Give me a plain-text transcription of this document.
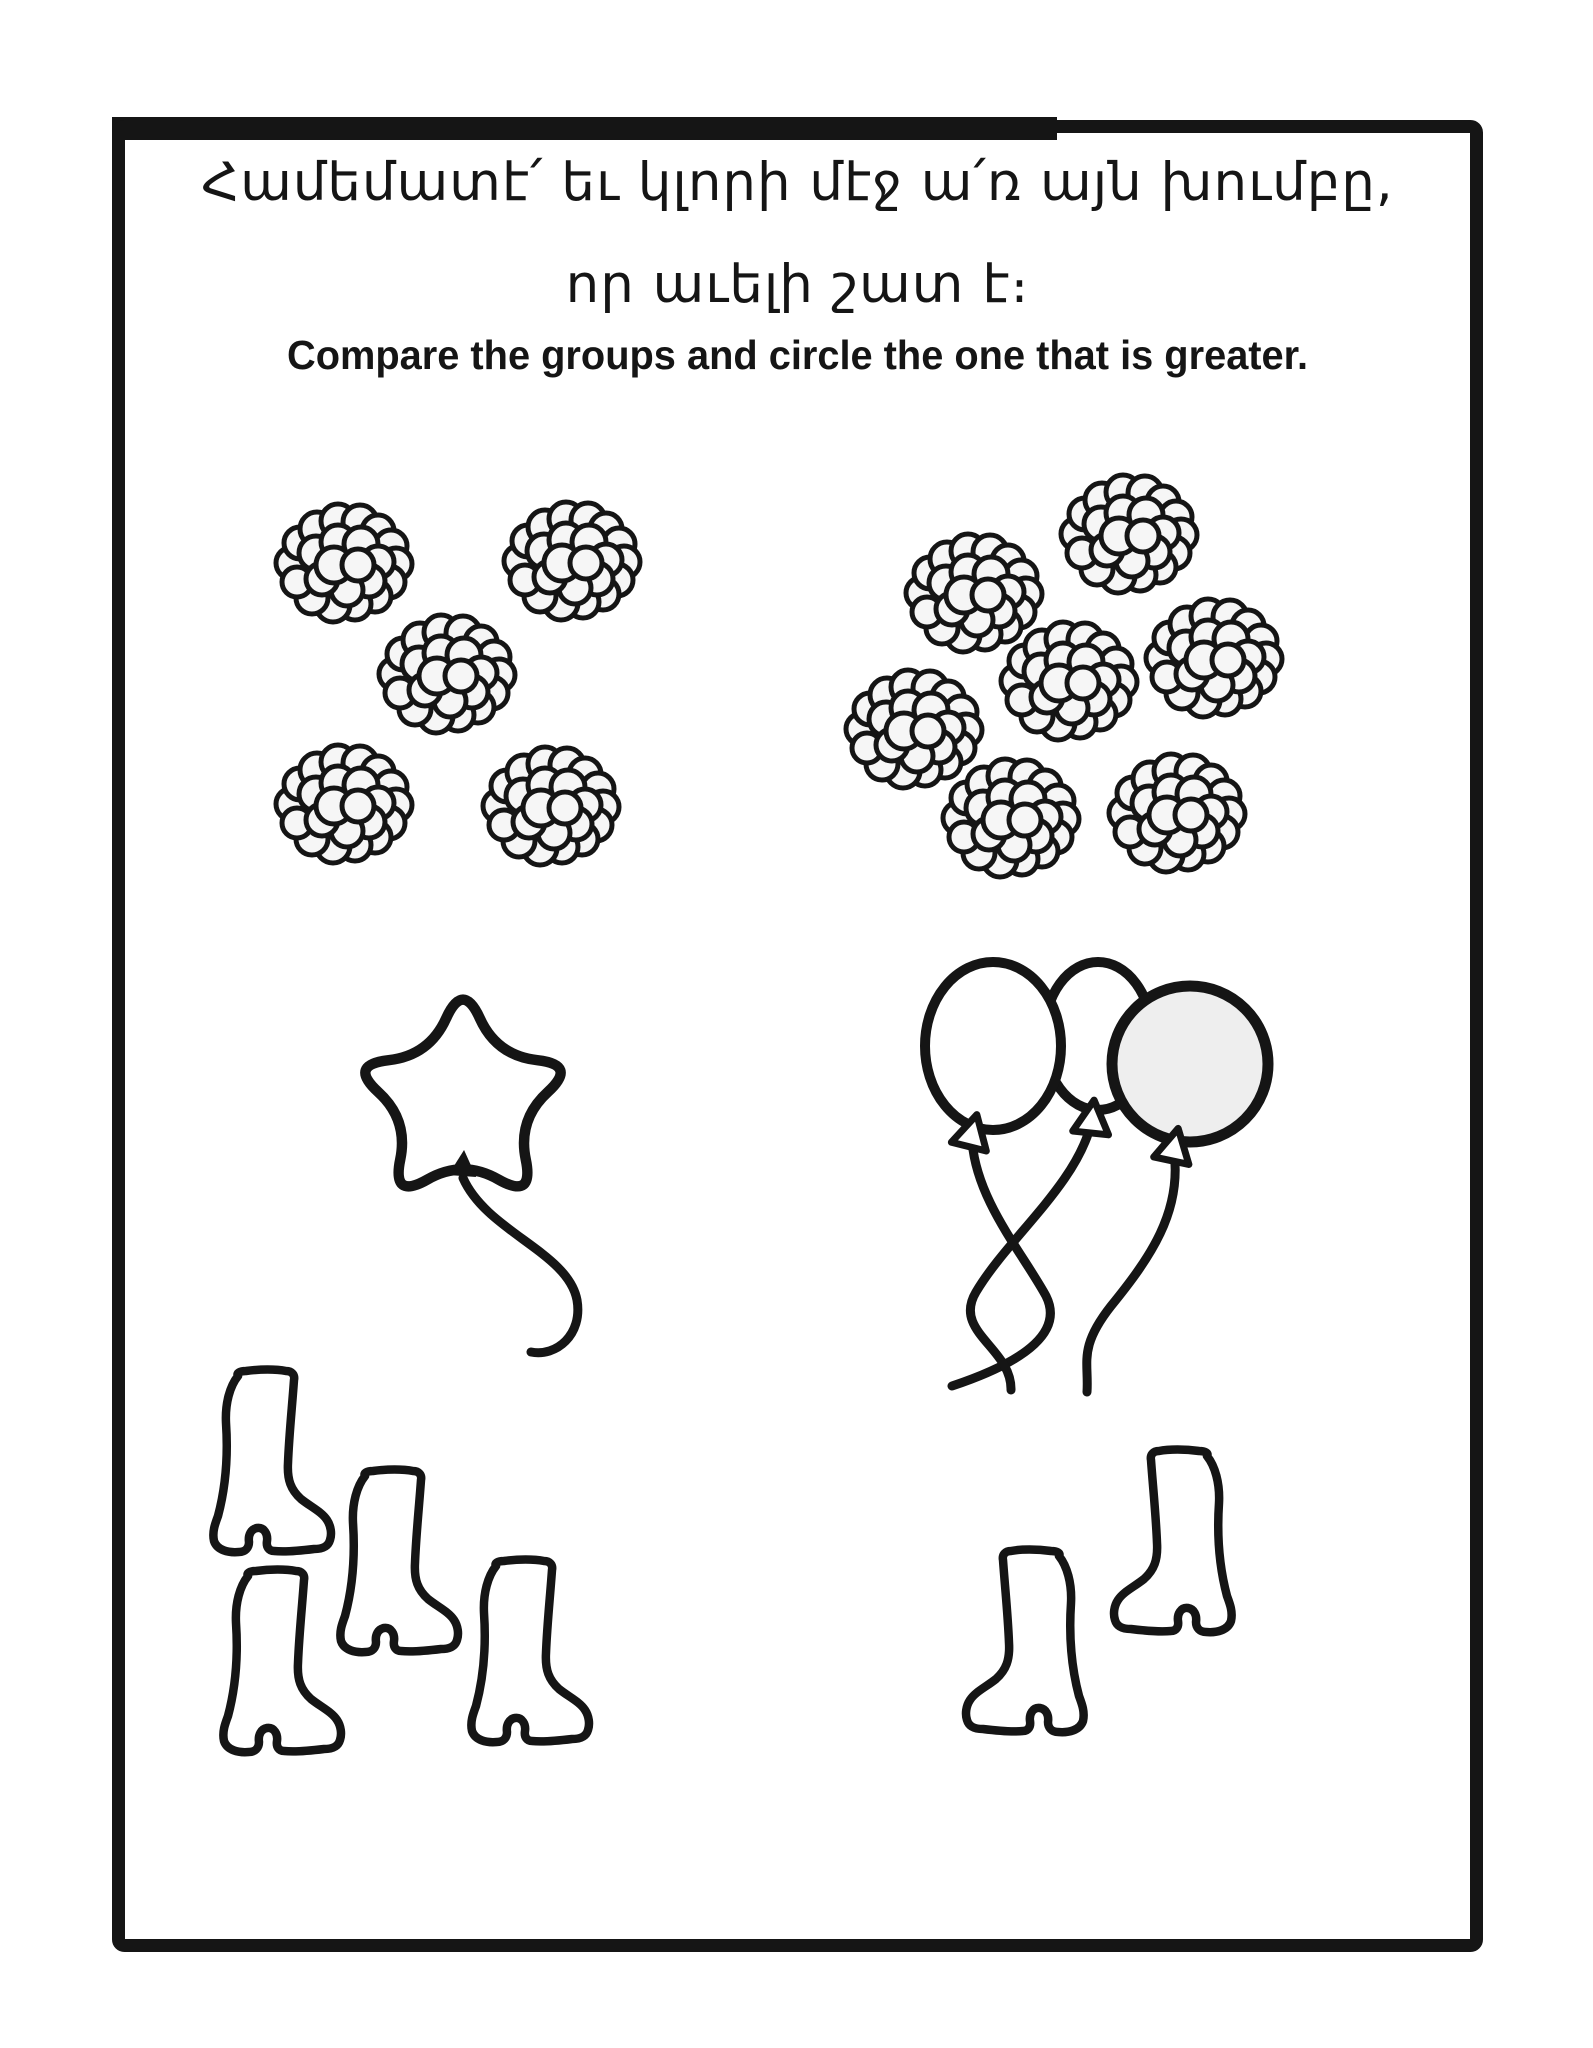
Համեմատէ՛ եւ կլորի մէջ ա՛ռ այն խումբը,
որ աւելի շատ է։
Compare the groups and circle the one that is greater.
